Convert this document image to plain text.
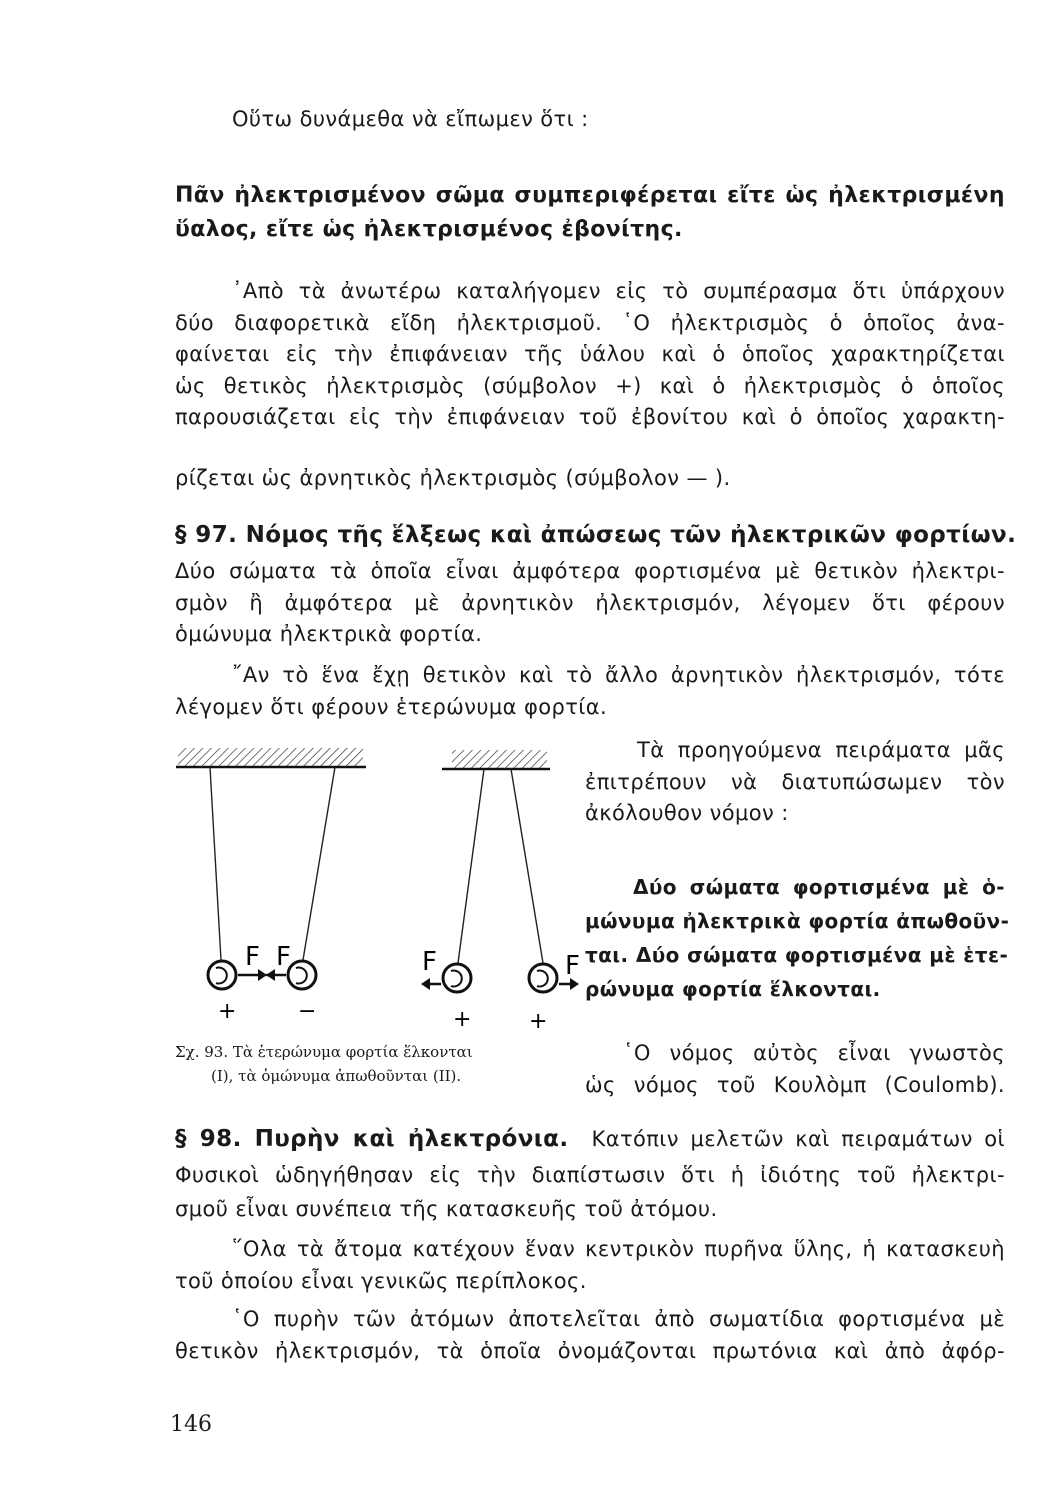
Οὕτω δυνάμεθα νὰ εἴπωμεν ὅτι :
Πᾶν ἠλεκτρισμένον σῶμα συμπεριφέρεται εἴτε ὡς ἠλεκτρισμένη
ὕαλος, εἴτε ὡς ἠλεκτρισμένος ἐβονίτης.
᾿Απὸ τὰ ἀνωτέρω καταλήγομεν εἰς τὸ συμπέρασμα ὅτι ὑπάρχουν
δύο διαφορετικὰ εἴδη ἠλεκτρισμοῦ. ῾Ο ἠλεκτρισμὸς ὁ ὁποῖος ἀνα-
φαίνεται εἰς τὴν ἐπιφάνειαν τῆς ὑάλου καὶ ὁ ὁποῖος χαρακτηρίζεται
ὡς θετικὸς ἠλεκτρισμὸς (σύμβολον +) καὶ ὁ ἠλεκτρισμὸς ὁ ὁποῖος
παρουσιάζεται εἰς τὴν ἐπιφάνειαν τοῦ ἐβονίτου καὶ ὁ ὁποῖος χαρακτη-
ρίζεται ὡς ἀρνητικὸς ἠλεκτρισμὸς (σύμβολον — ).
§ 97. Νόμος τῆς ἕλξεως καὶ ἀπώσεως τῶν ἠλεκτρικῶν φορτίων.
Δύο σώματα τὰ ὁποῖα εἶναι ἀμφότερα φορτισμένα μὲ θετικὸν ἠλεκτρι-
σμὸν ἢ ἀμφότερα μὲ ἀρνητικὸν ἠλεκτρισμόν, λέγομεν ὅτι φέρουν
ὁμώνυμα ἠλεκτρικὰ φορτία.
῎Αν τὸ ἕνα ἔχῃ θετικὸν καὶ τὸ ἄλλο ἀρνητικὸν ἠλεκτρισμόν, τότε
λέγομεν ὅτι φέρουν ἑτερώνυμα φορτία.
Τὰ προηγούμενα πειράματα μᾶς
ἐπιτρέπουν νὰ διατυπώσωμεν τὸν
ἀκόλουθον νόμον :
Δύο σώματα φορτισμένα μὲ ὁ-
μώνυμα ἠλεκτρικὰ φορτία ἀπωθοῦν-
ται. Δύο σώματα φορτισμένα μὲ ἑτε-
ρώνυμα φορτία ἕλκονται.
῾Ο νόμος αὐτὸς εἶναι γνωστὸς
ὡς νόμος τοῦ Κουλὸμπ (Coulomb).
F F
+	−
F	F
+	+
Σχ. 93. Τὰ ἑτερώνυμα φορτία ἕλκονται
(Ι), τὰ ὁμώνυμα ἀπωθοῦνται (ΙΙ).
§ 98. Πυρὴν καὶ ἠλεκτρόνια. Κατόπιν μελετῶν καὶ πειραμάτων οἱ
Φυσικοὶ ὡδηγήθησαν εἰς τὴν διαπίστωσιν ὅτι ἡ ἰδιότης τοῦ ἠλεκτρι-
σμοῦ εἶναι συνέπεια τῆς κατασκευῆς τοῦ ἀτόμου.
῞Ολα τὰ ἄτομα κατέχουν ἕναν κεντρικὸν πυρῆνα ὕλης, ἡ κατασκευὴ
τοῦ ὁποίου εἶναι γενικῶς περίπλοκος.
῾Ο πυρὴν τῶν ἀτόμων ἀποτελεῖται ἀπὸ σωματίδια φορτισμένα μὲ
θετικὸν ἠλεκτρισμόν, τὰ ὁποῖα ὀνομάζονται πρωτόνια καὶ ἀπὸ ἀφόρ-
146
